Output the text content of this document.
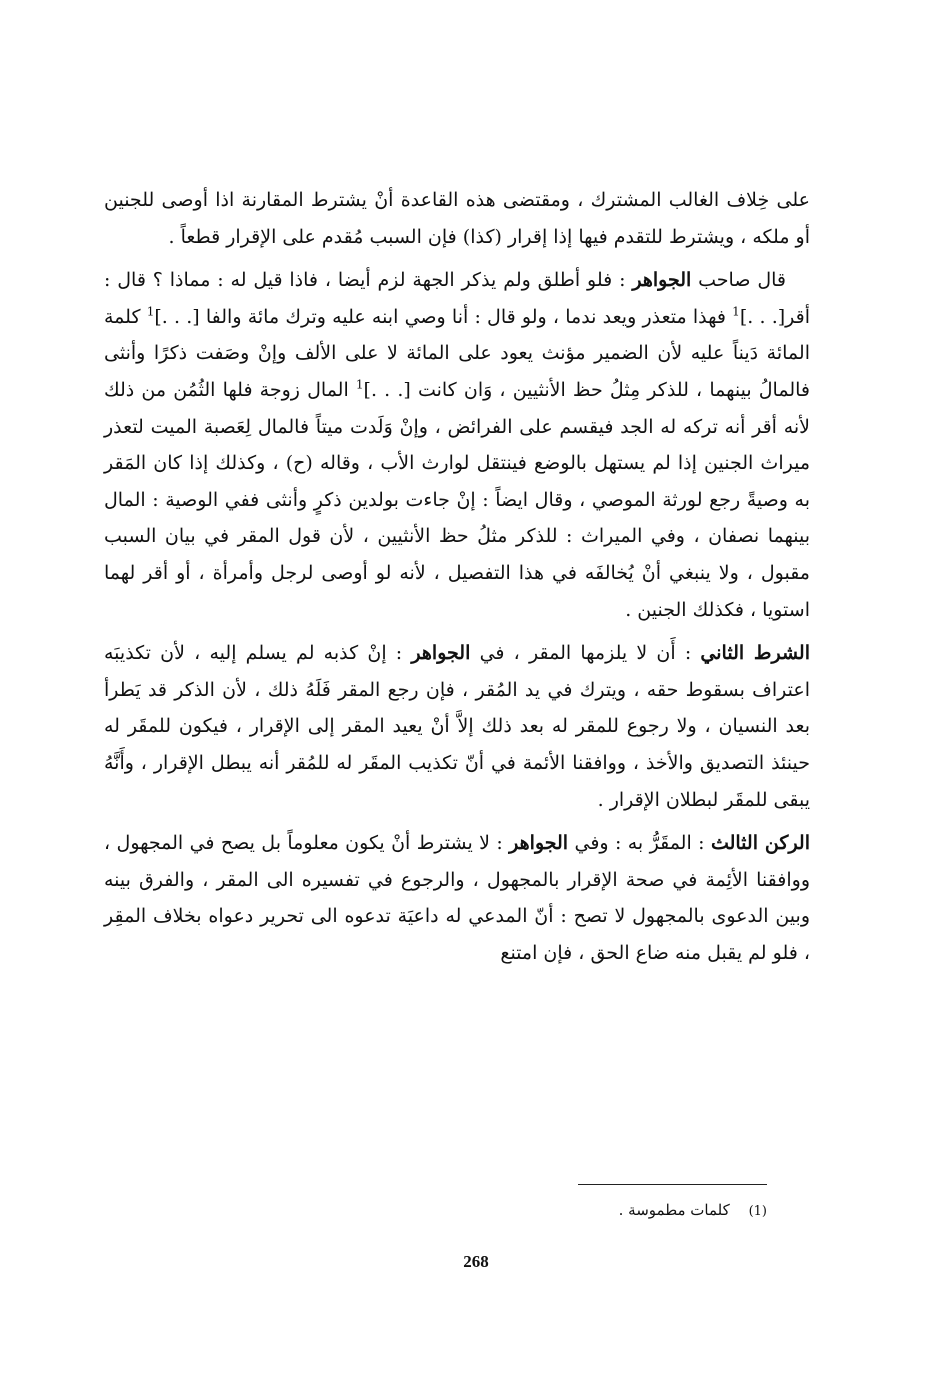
على خِلاف الغالب المشترك ، ومقتضى هذه القاعدة أنْ يشترط المقارنة اذا أوصى للجنين أو ملكه ، ويشترط للتقدم فيها إذا إقرار (كذا) فإن السبب مُقدم على الإقرار قطعاً .

قال صاحب الجواهر : فلو أطلق ولم يذكر الجهة لزم أيضا ، فاذا قيل له : مماذا ؟ قال : أقر[. . .]$^1$ فهذا متعذر ويعد ندما ، ولو قال : أنا وصي ابنه عليه وترك مائة والفا [. . .]$^1$ كلمة المائة دَيناً عليه لأن الضمير مؤنث يعود على المائة لا على الألف وإنْ وصَفت ذكرًا وأنثى فالمالُ بينهما ، للذكر مِثلُ حظ الأنثيين ، وَان كانت [. . .]$^1$ المال زوجة فلها الثُمُن من ذلك لأنه أقر أنه تركه له الجد فيقسم على الفرائض ، وإنْ وَلَدت ميتاً فالمال لِعَصبة الميت لتعذر ميراث الجنين إذا لم يستهل بالوضع فينتقل لوارث الأب ، وقاله (ح) ، وكذلك إذا كان المَقر به وصيةً رجع لورثة الموصي ، وقال ايضاً : إنْ جاءت بولدين ذكرٍ وأنثى ففي الوصية : المال بينهما نصفان ، وفي الميراث : للذكر مثلُ حظ الأنثيين ، لأن قول المقر في بيان السبب مقبول ، ولا ينبغي أنْ يُخالفَه في هذا التفصيل ، لأنه لو أوصى لرجل وأمرأة ، أو أقر لهما استويا ، فكذلك الجنين .

الشرط الثاني : أَن لا يلزمها المقر ، في الجواهر : إنْ كذبه لم يسلم إليه ، لأن تكذيبَه اعتراف بسقوط حقه ، ويترك في يد المُقر ، فإن رجع المقر فَلَهُ ذلك ، لأن الذكر قد يَطرأ بعد النسيان ، ولا رجوع للمقر له بعد ذلك إلاَّ أنْ يعيد المقر إلى الإقرار ، فيكون للمقَر له حينئذ التصديق والأخذ ، ووافقنا الأئمة في أنّ تكذيب المقَر له للمُقر أنه يبطل الإقرار ، وأَنَّهُ يبقى للمقَر لبطلان الإقرار .

الركن الثالث : المقَرُّ به : وفي الجواهر : لا يشترط أنْ يكون معلوماً بل يصح في المجهول ، ووافقنا الأئِمة في صحة الإقرار بالمجهول ، والرجوع في تفسيره الى المقر ، والفرق بينه وبين الدعوى بالمجهول لا تصح : أنّ المدعي له داعيَة تدعوه الى تحرير دعواه بخلاف المقِر ، فلو لم يقبل منه ضاع الحق ، فإن امتنع

(1) كلمات مطموسة .
268
